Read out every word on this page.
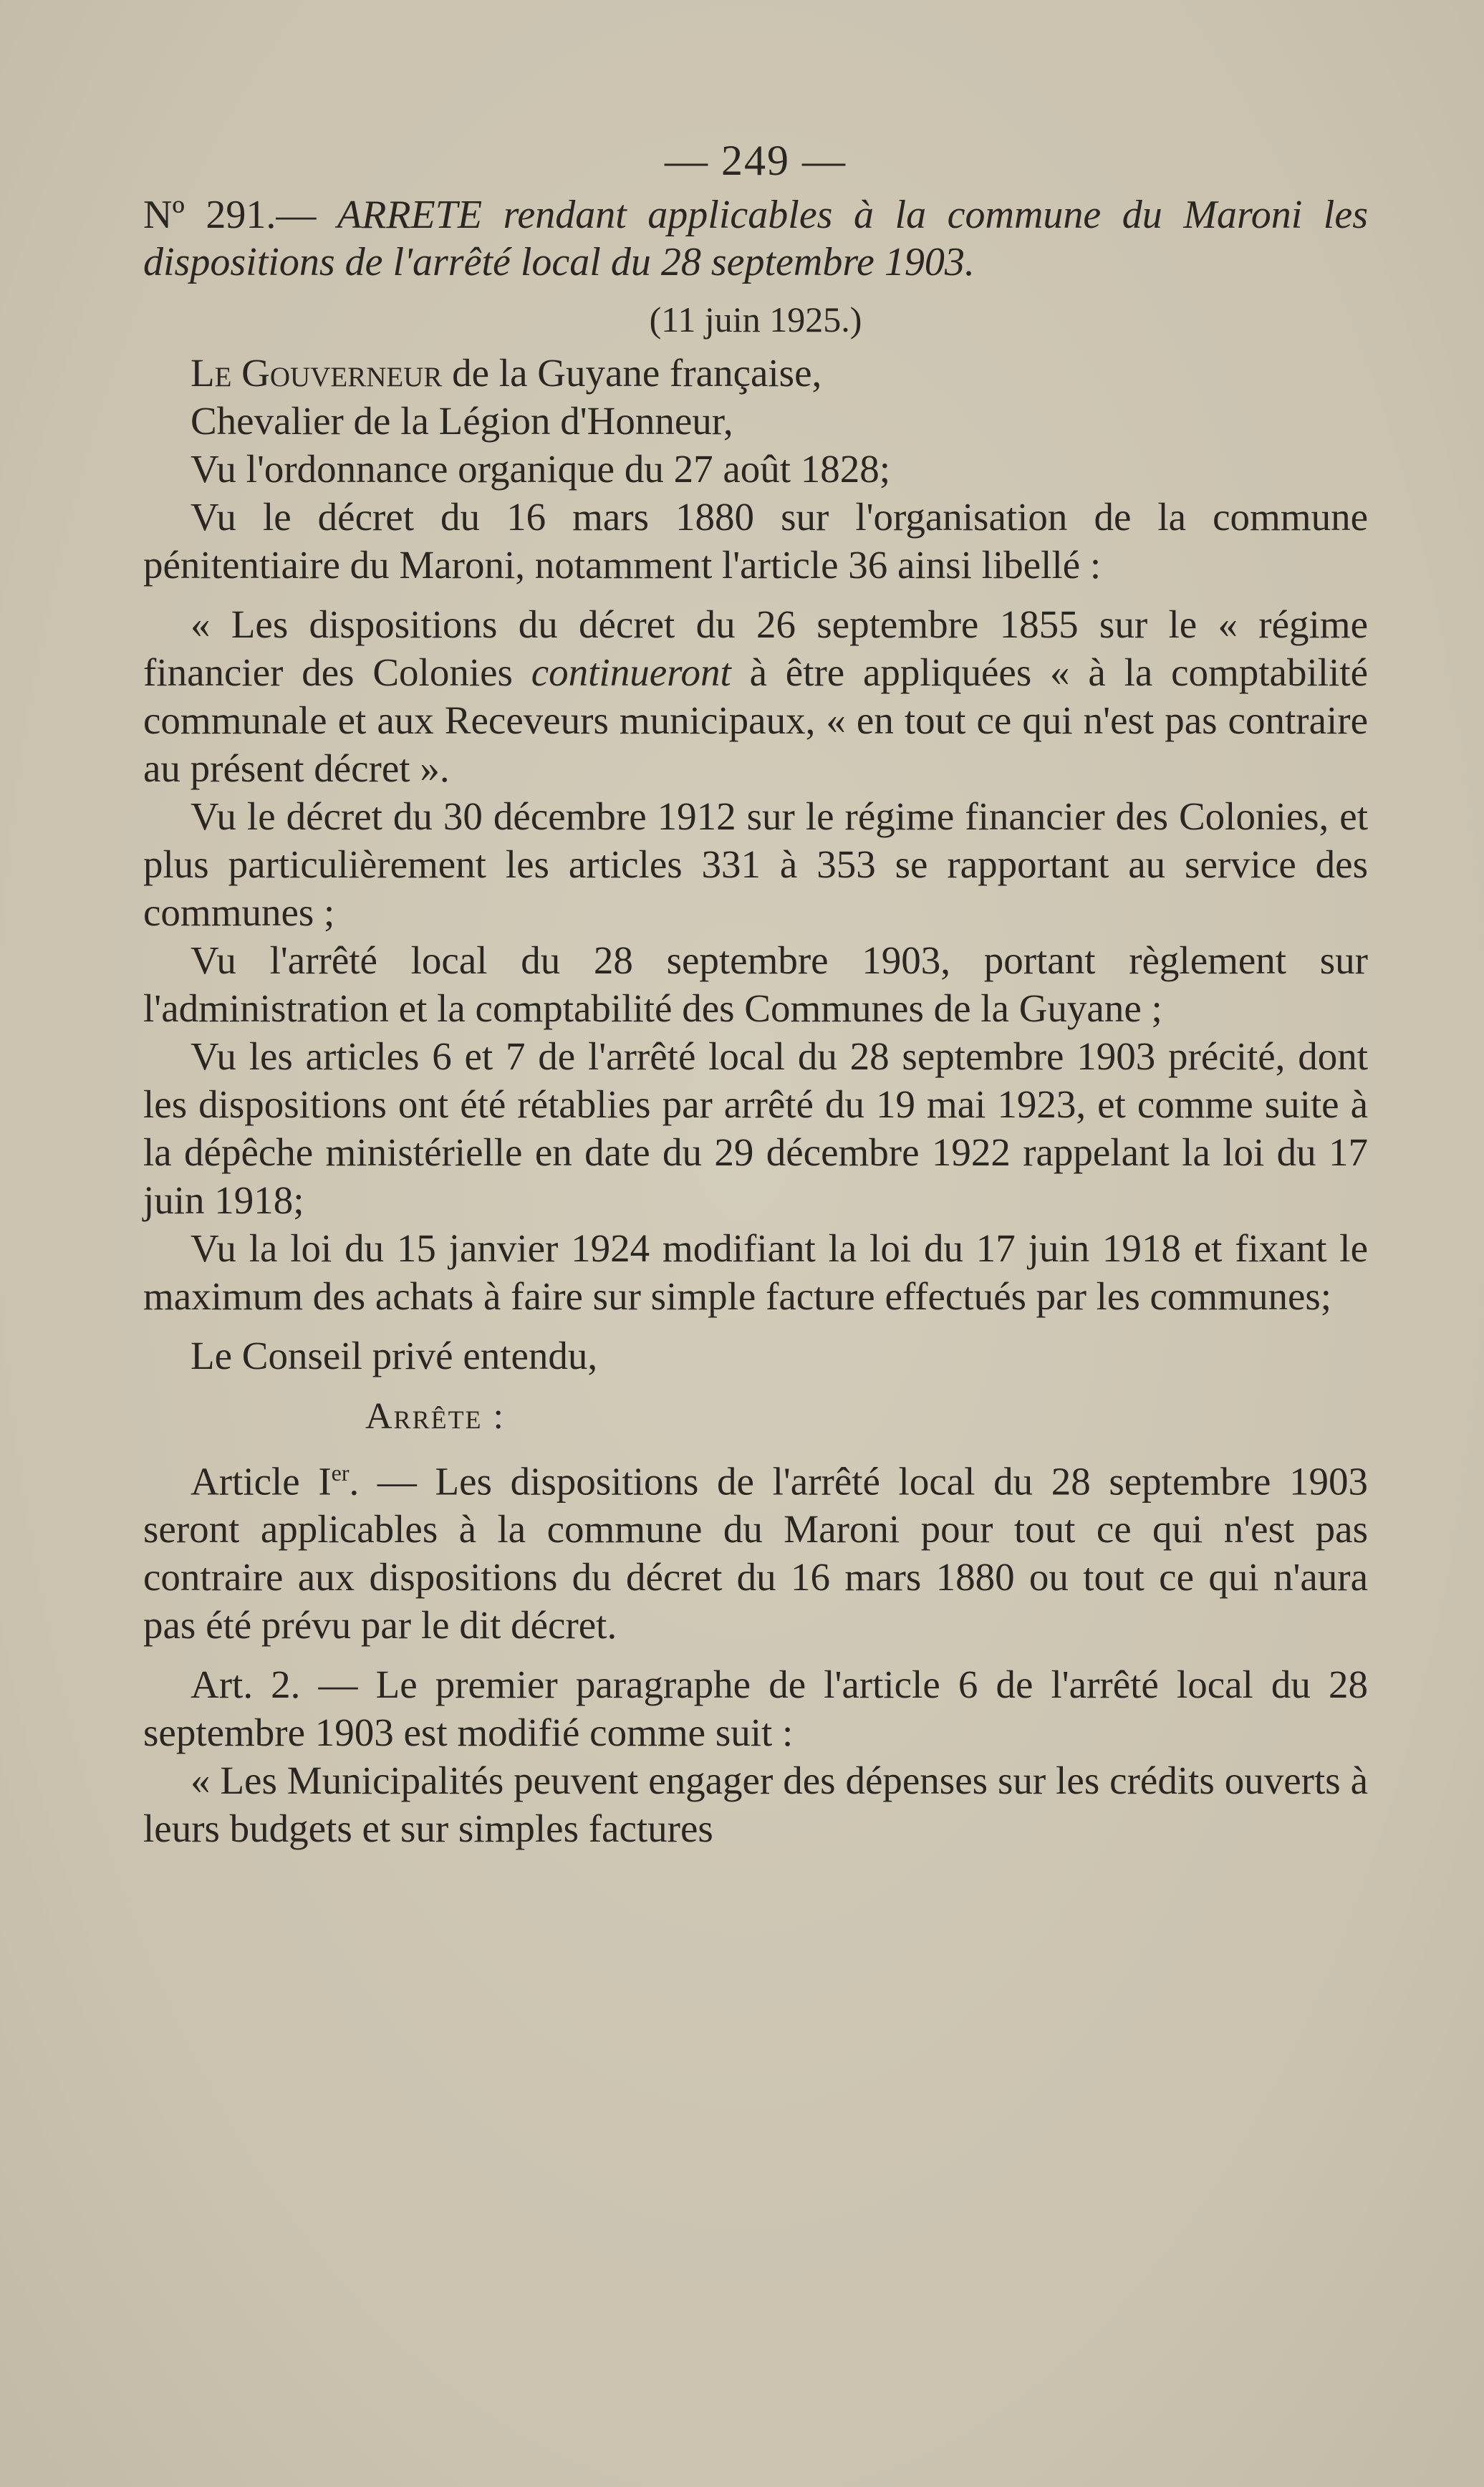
— 249 —
Nº 291.— ARRETE rendant applicables à la commune du Maroni les dispositions de l'arrêté local du 28 septembre 1903.
(11 juin 1925.)

Le Gouverneur de la Guyane française,

Chevalier de la Légion d'Honneur,

Vu l'ordonnance organique du 27 août 1828;

Vu le décret du 16 mars 1880 sur l'organisation de la commune pénitentiaire du Maroni, notamment l'article 36 ainsi libellé :

« Les dispositions du décret du 26 septembre 1855 sur le « régime financier des Colonies continueront à être appliquées « à la comptabilité communale et aux Receveurs municipaux, « en tout ce qui n'est pas contraire au présent décret ».

Vu le décret du 30 décembre 1912 sur le régime financier des Colonies, et plus particulièrement les articles 331 à 353 se rapportant au service des communes ;

Vu l'arrêté local du 28 septembre 1903, portant règlement sur l'administration et la comptabilité des Communes de la Guyane ;

Vu les articles 6 et 7 de l'arrêté local du 28 septembre 1903 précité, dont les dispositions ont été rétablies par arrêté du 19 mai 1923, et comme suite à la dépêche ministérielle en date du 29 décembre 1922 rappelant la loi du 17 juin 1918;

Vu la loi du 15 janvier 1924 modifiant la loi du 17 juin 1918 et fixant le maximum des achats à faire sur simple facture effectués par les communes;

Le Conseil privé entendu,

Arrête :

Article Ier. — Les dispositions de l'arrêté local du 28 septembre 1903 seront applicables à la commune du Maroni pour tout ce qui n'est pas contraire aux dispositions du décret du 16 mars 1880 ou tout ce qui n'aura pas été prévu par le dit décret.

Art. 2. — Le premier paragraphe de l'article 6 de l'arrêté local du 28 septembre 1903 est modifié comme suit :

« Les Municipalités peuvent engager des dépenses sur les crédits ouverts à leurs budgets et sur simples factures
